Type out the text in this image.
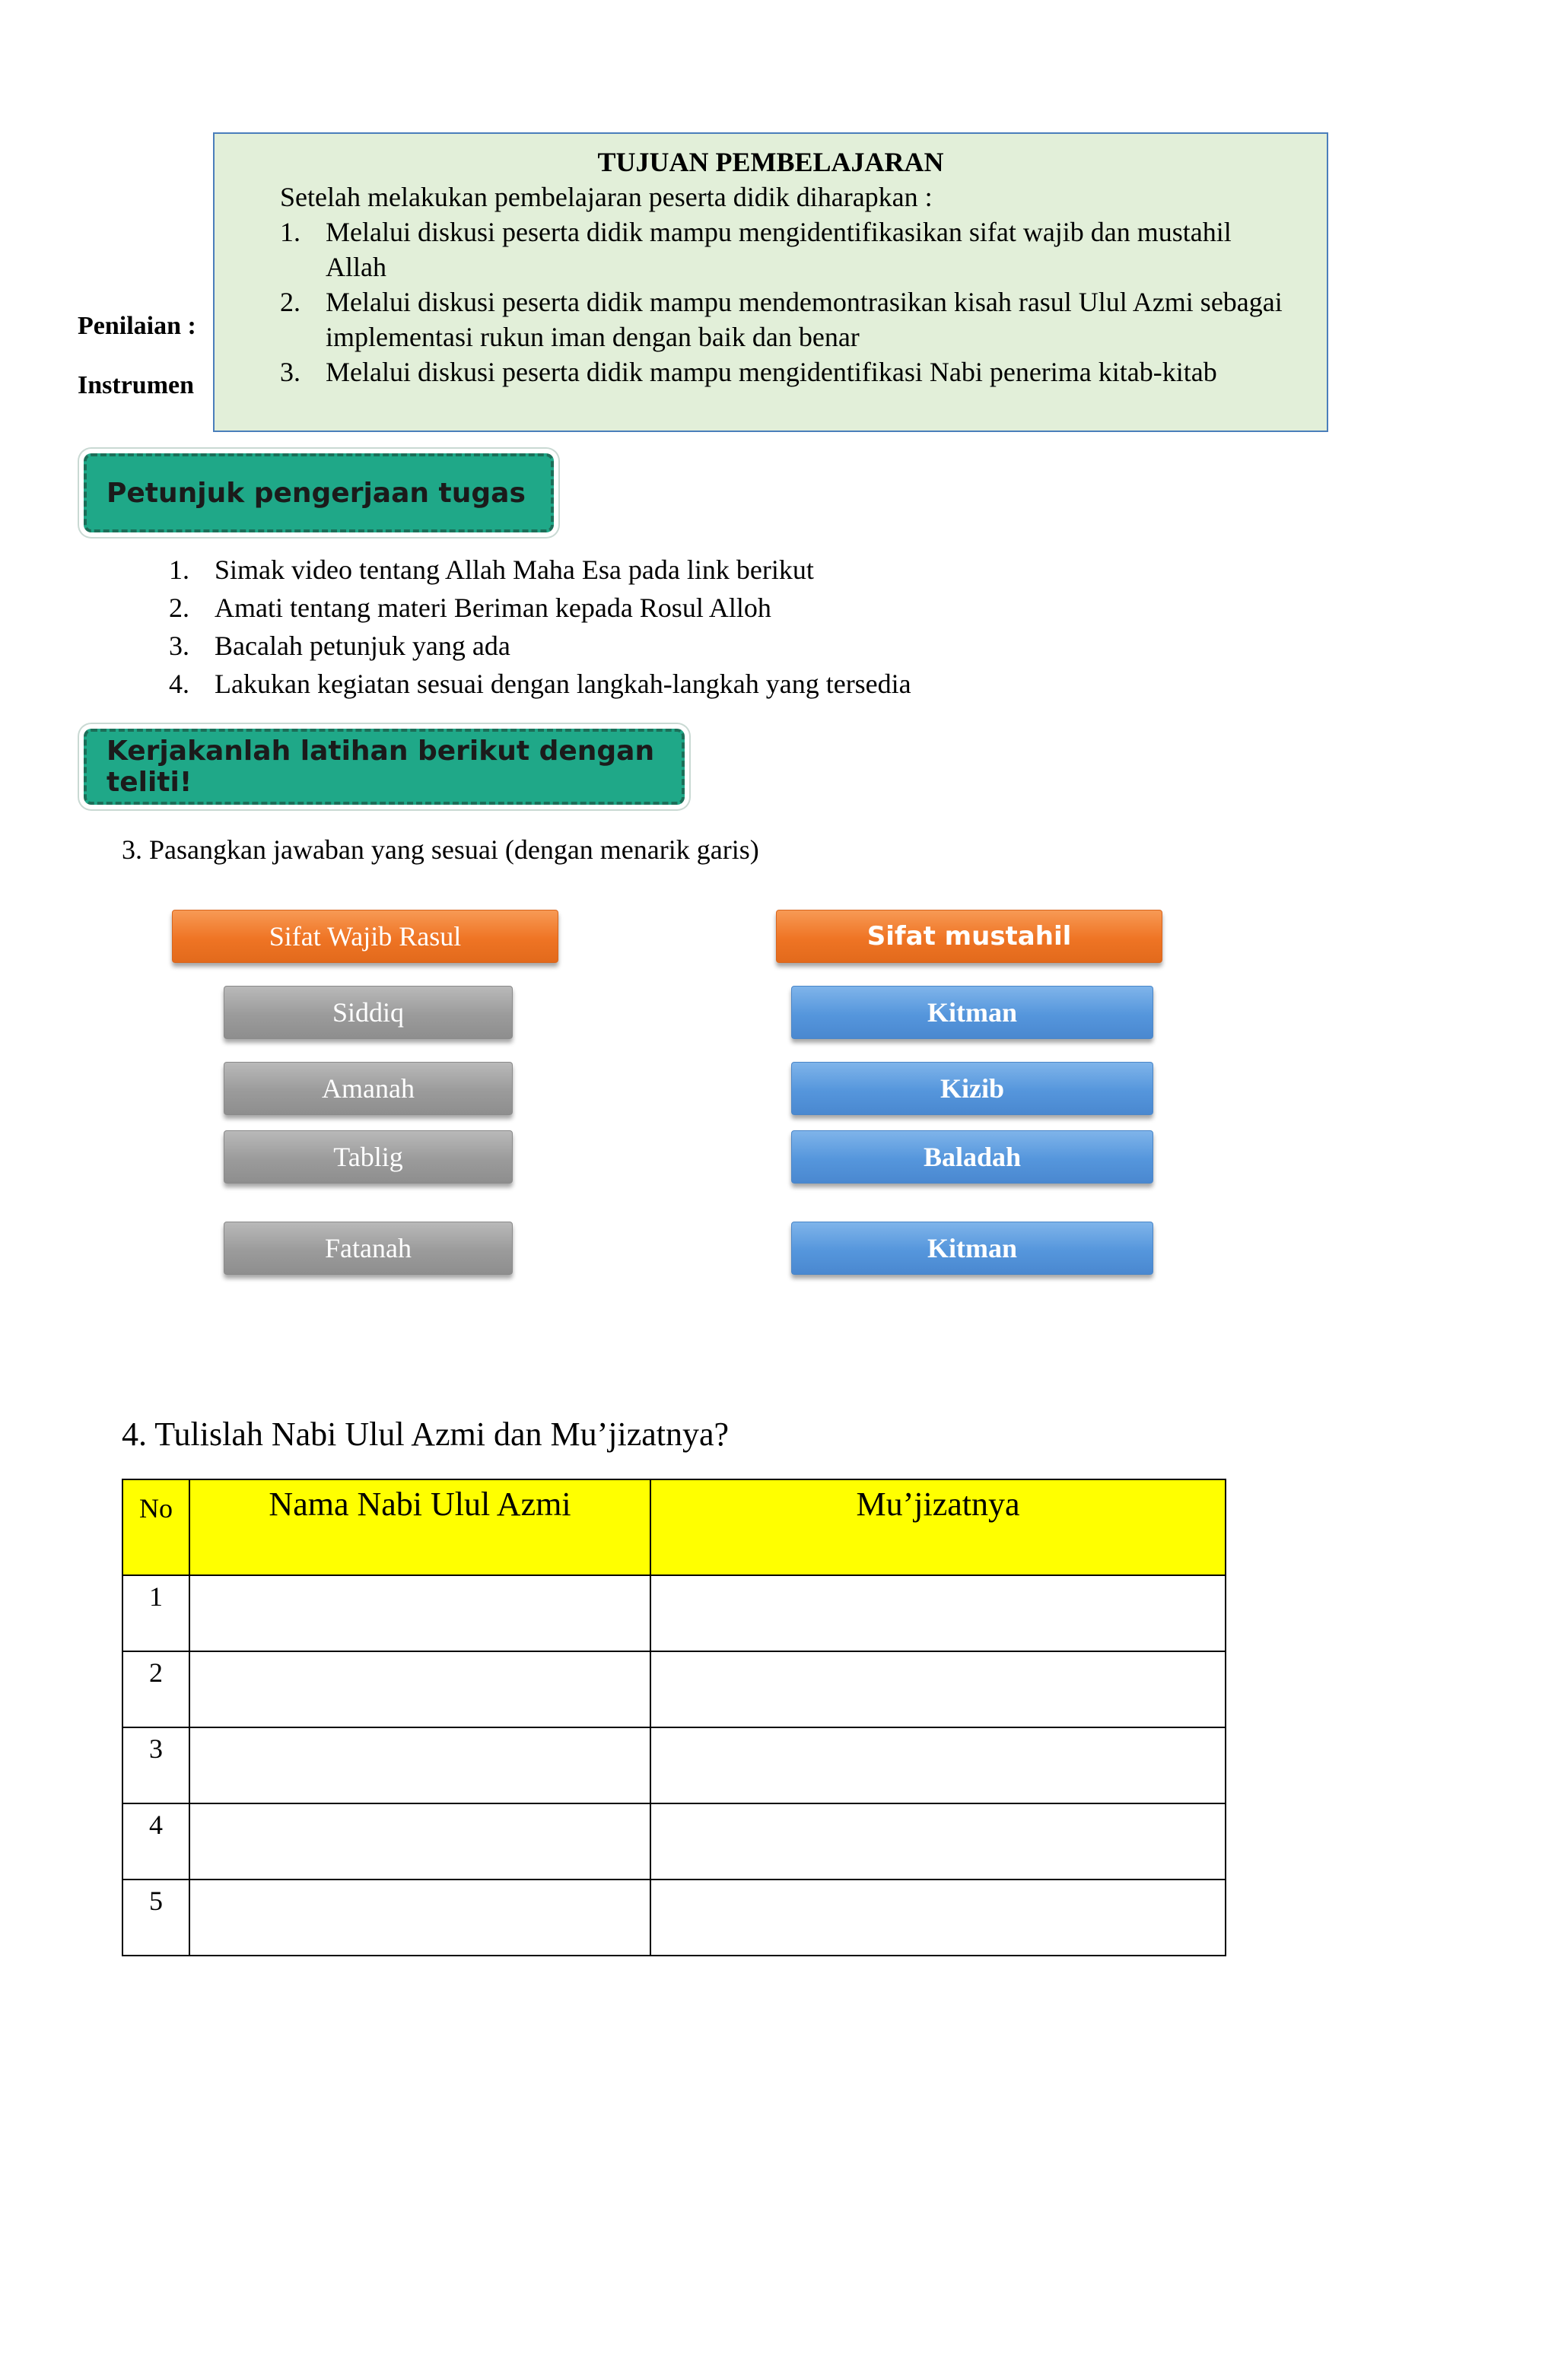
Penilaian :
Instrumen
TUJUAN PEMBELAJARAN
Setelah melakukan pembelajaran peserta didik diharapkan :
1. Melalui diskusi peserta didik mampu mengidentifikasikan sifat wajib dan mustahil Allah
2. Melalui diskusi peserta didik mampu mendemontrasikan kisah rasul Ulul Azmi sebagai implementasi rukun iman dengan baik dan benar
3. Melalui diskusi peserta didik mampu mengidentifikasi Nabi penerima kitab-kitab
Petunjuk pengerjaan tugas
1. Simak video tentang Allah Maha Esa pada link berikut
2. Amati tentang materi Beriman kepada Rosul Alloh
3. Bacalah petunjuk yang ada
4. Lakukan kegiatan sesuai dengan langkah-langkah yang tersedia
Kerjakanlah latihan berikut dengan teliti!
3. Pasangkan jawaban yang sesuai (dengan menarik garis)
Sifat Wajib Rasul
Siddiq
Amanah
Tablig
Fatanah
Sifat mustahil
Kitman
Kizib
Baladah
Kitman
4. Tulislah Nabi Ulul Azmi dan Mu’jizatnya?
No	Nama Nabi Ulul Azmi	Mu’jizatnya
1		
2		
3		
4		
5		
